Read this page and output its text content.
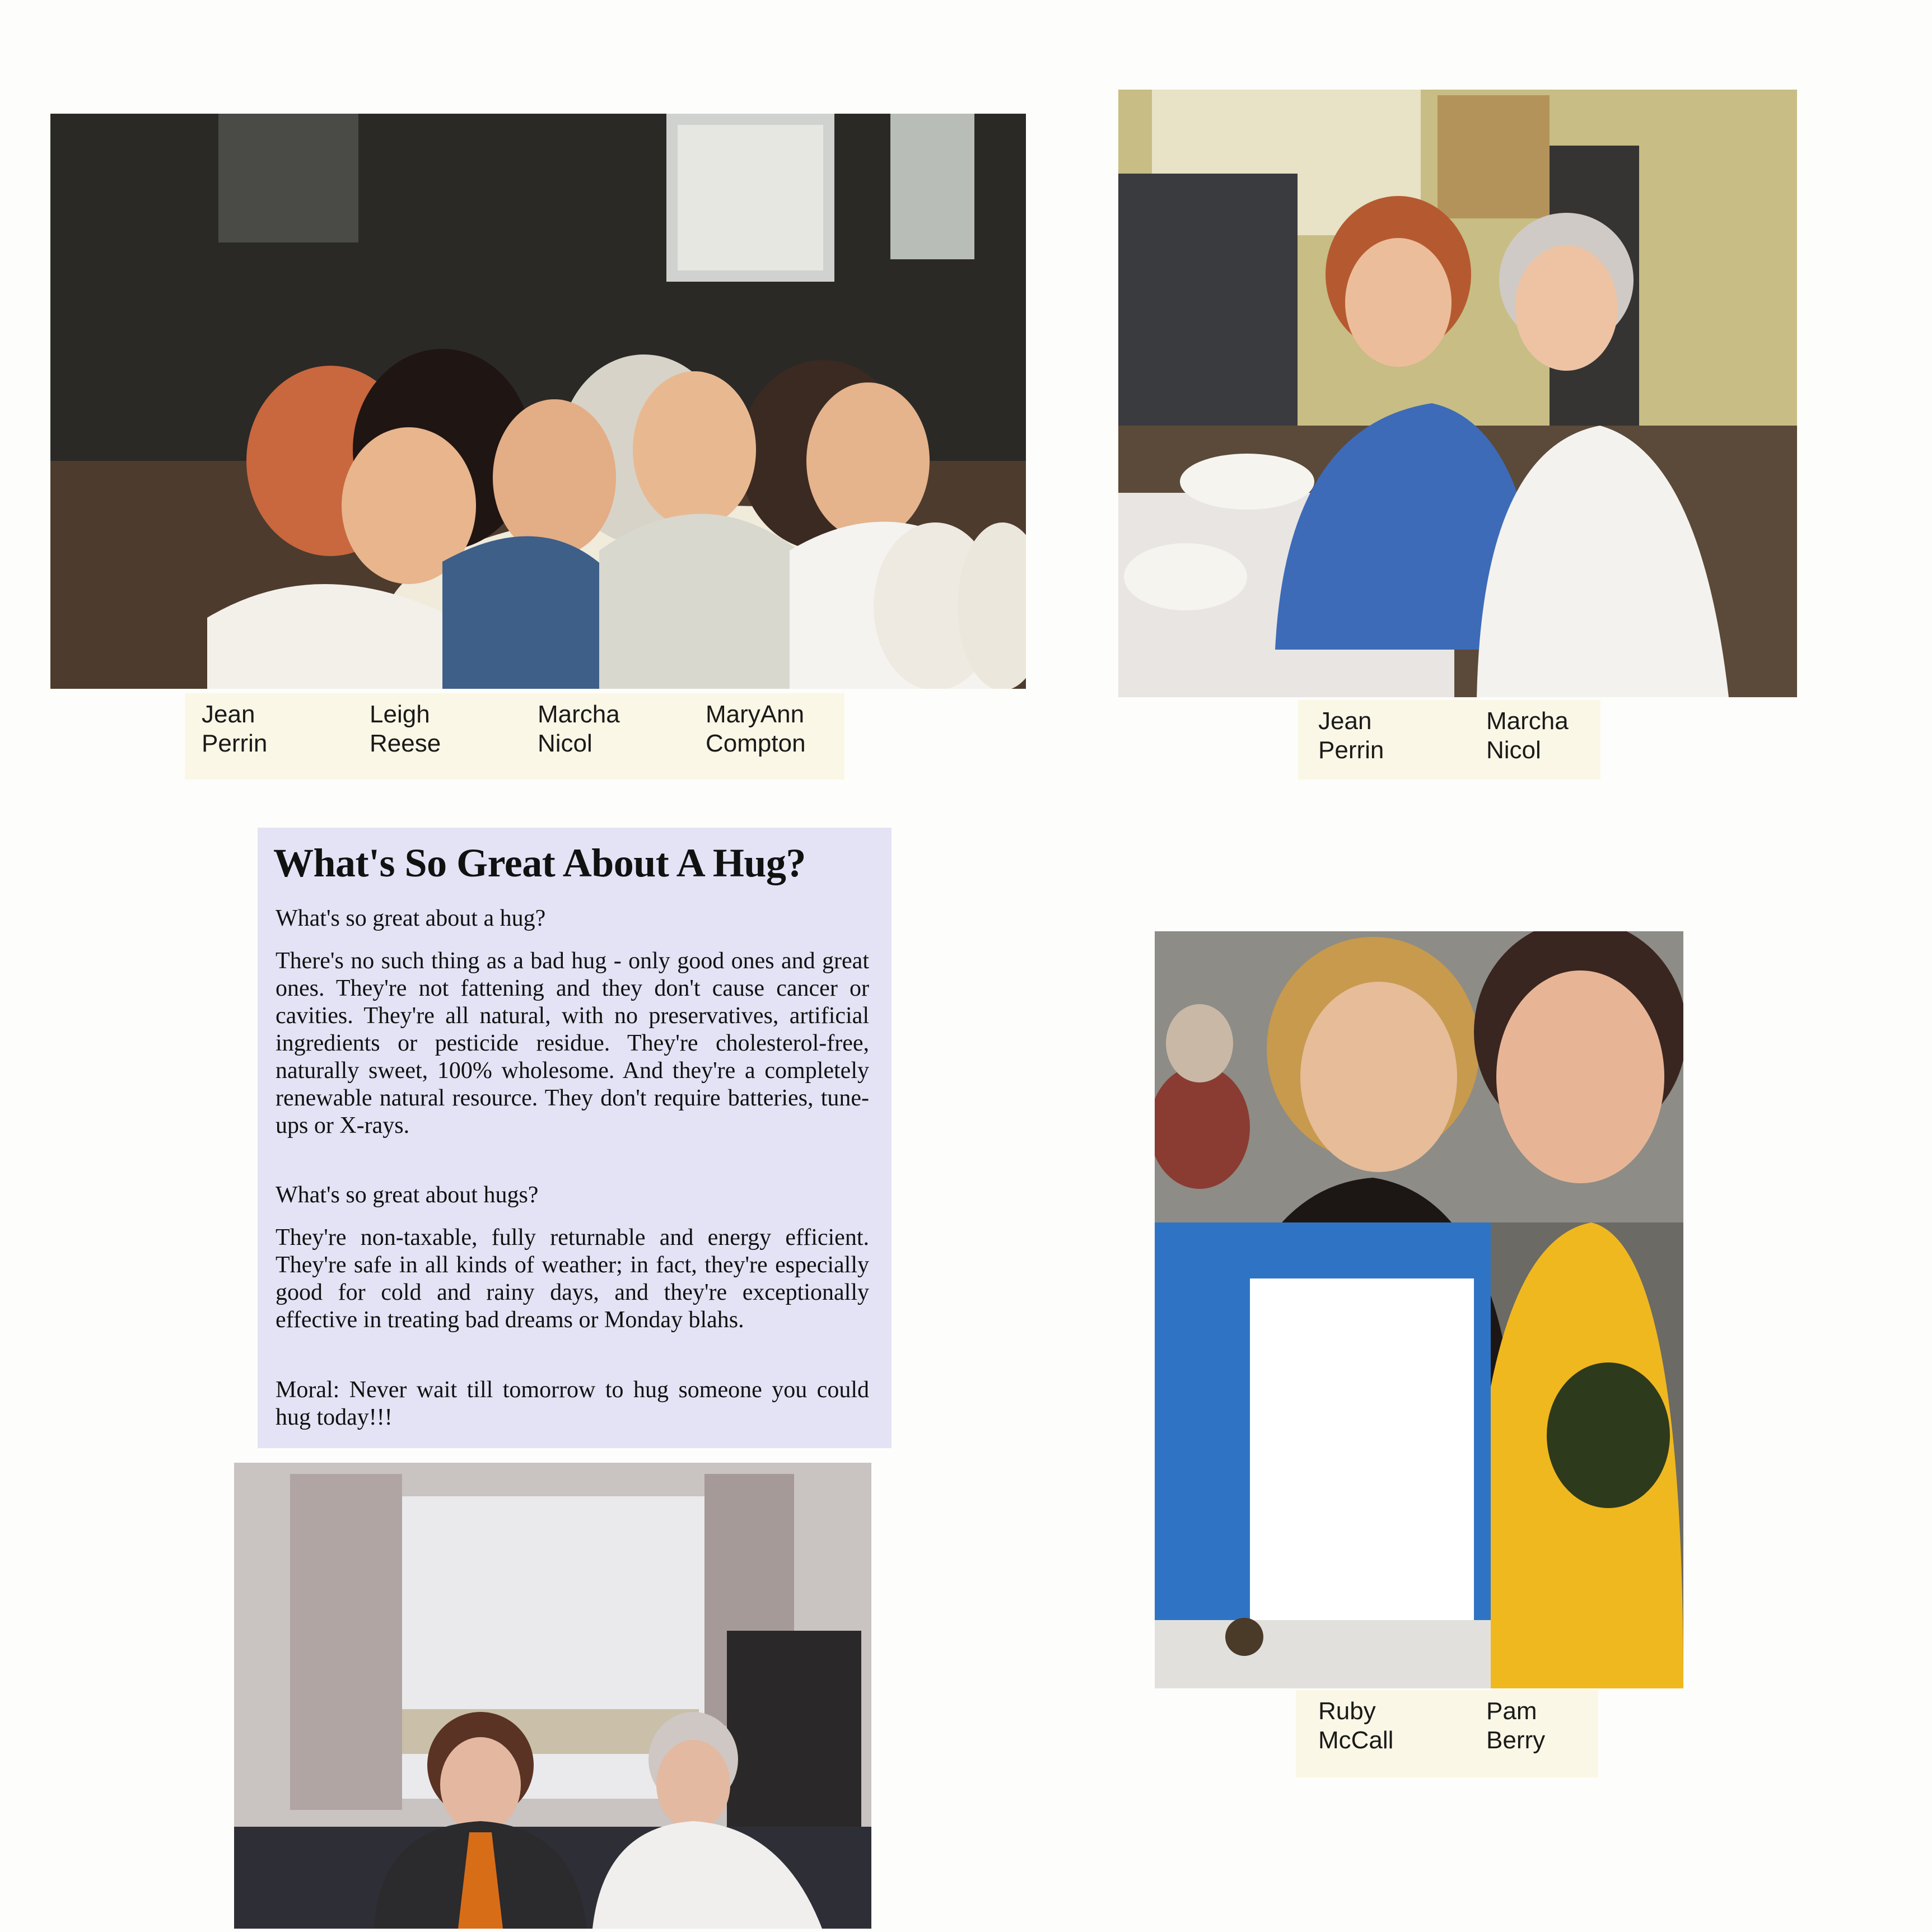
Jean
Perrin
Leigh
Reese
Marcha
Nicol
MaryAnn
Compton
Jean
Perrin
Marcha
Nicol
What's So Great About A Hug?
What's so great about a hug?
There's no such thing as a bad hug - only good ones and great ones. They're not fattening and they don't cause cancer or cavities. They're all natural, with no preservatives, artificial ingredients or pesticide residue. They're cholesterol-free, naturally sweet, 100% wholesome. And they're a completely renewable natural resource. They don't require batteries, tune-ups or X-rays.
What's so great about hugs?
They're non-taxable, fully returnable and energy efficient. They're safe in all kinds of weather; in fact, they're especially good for cold and rainy days, and they're exceptionally effective in treating bad dreams or Monday blahs.
Moral: Never wait till tomorrow to hug someone you could hug today!!!
Ruby
McCall
Pam
Berry
